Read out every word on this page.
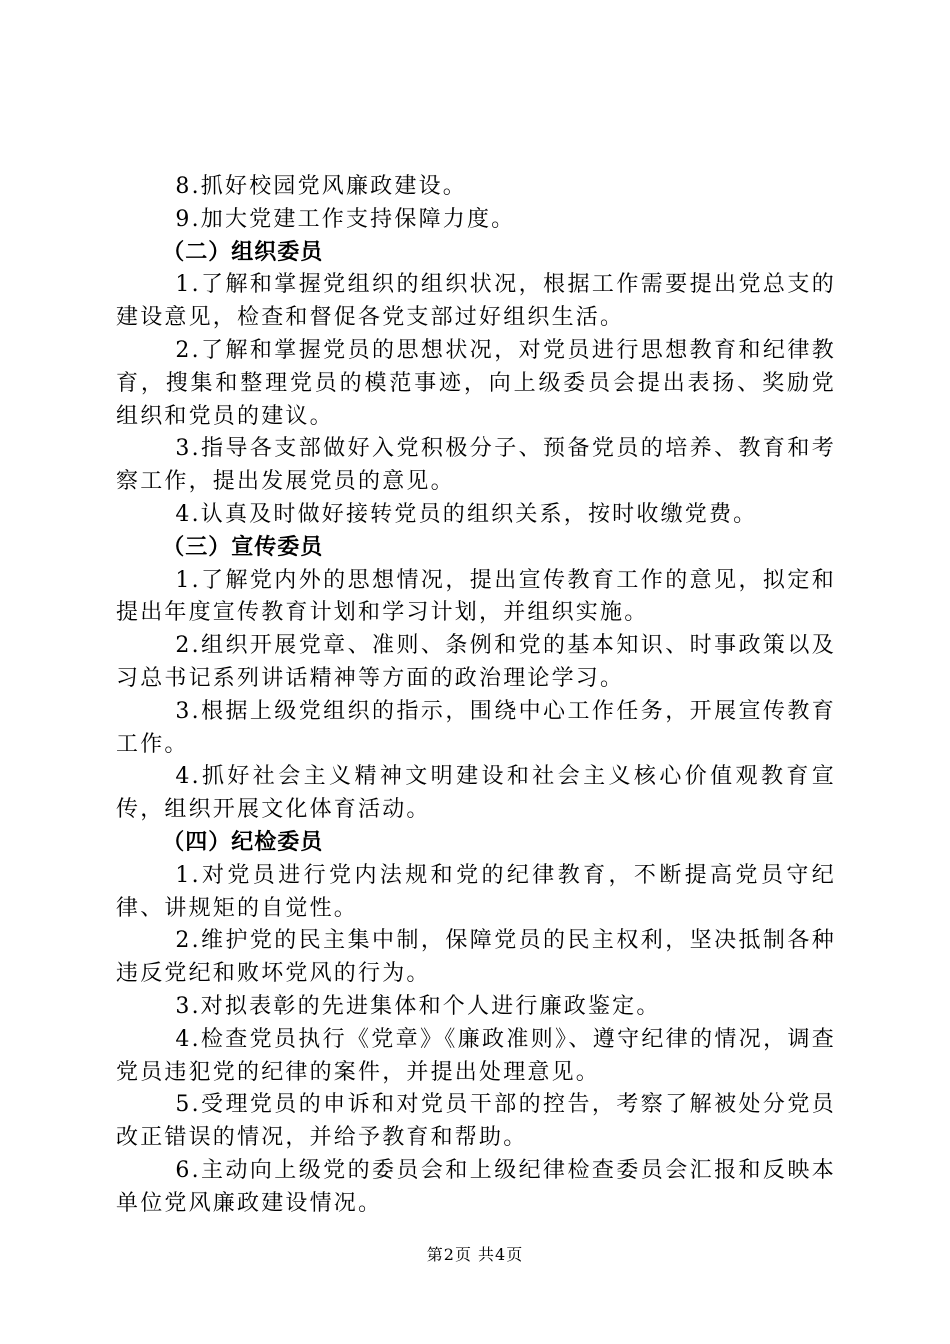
8.抓好校园党风廉政建设。

9.加大党建工作支持保障力度。

（二）组织委员

1.了解和掌握党组织的组织状况，根据工作需要提出党总支的建设意见，检查和督促各党支部过好组织生活。

2.了解和掌握党员的思想状况，对党员进行思想教育和纪律教育，搜集和整理党员的模范事迹，向上级委员会提出表扬、奖励党组织和党员的建议。

3.指导各支部做好入党积极分子、预备党员的培养、教育和考察工作，提出发展党员的意见。

4.认真及时做好接转党员的组织关系，按时收缴党费。

（三）宣传委员

1.了解党内外的思想情况，提出宣传教育工作的意见，拟定和提出年度宣传教育计划和学习计划，并组织实施。

2.组织开展党章、准则、条例和党的基本知识、时事政策以及习总书记系列讲话精神等方面的政治理论学习。

3.根据上级党组织的指示，围绕中心工作任务，开展宣传教育工作。

4.抓好社会主义精神文明建设和社会主义核心价值观教育宣传，组织开展文化体育活动。

（四）纪检委员

1.对党员进行党内法规和党的纪律教育，不断提高党员守纪律、讲规矩的自觉性。

2.维护党的民主集中制，保障党员的民主权利，坚决抵制各种违反党纪和败坏党风的行为。

3.对拟表彰的先进集体和个人进行廉政鉴定。

4.检查党员执行《党章》《廉政准则》、遵守纪律的情况，调查党员违犯党的纪律的案件，并提出处理意见。

5.受理党员的申诉和对党员干部的控告，考察了解被处分党员改正错误的情况，并给予教育和帮助。

6.主动向上级党的委员会和上级纪律检查委员会汇报和反映本单位党风廉政建设情况。

第2页 共4页
